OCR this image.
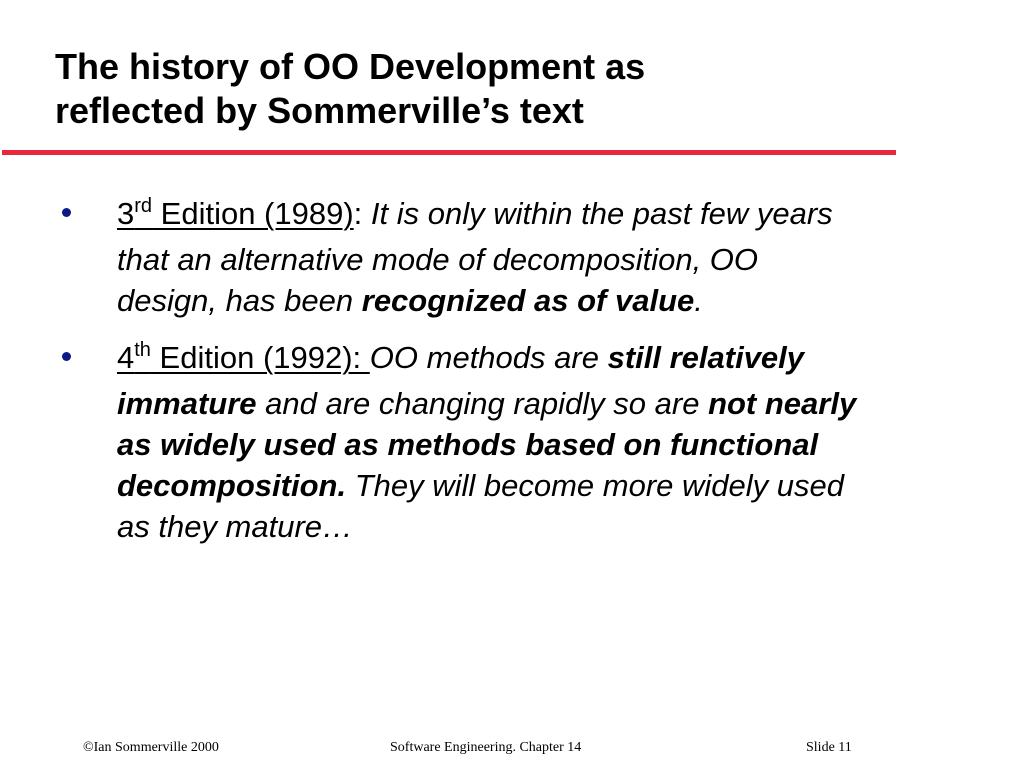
The history of OO Development as
reflected by Sommerville’s text
3rd Edition (1989): It is only within the past few years that an alternative mode of decomposition, OO design, has been recognized as of value.
4th Edition (1992): OO methods are still relatively immature and are changing rapidly so are not nearly as widely used as methods based on functional decomposition. They will become more widely used as they mature…
©Ian Sommerville 2000	Software Engineering. Chapter 14	Slide 11
